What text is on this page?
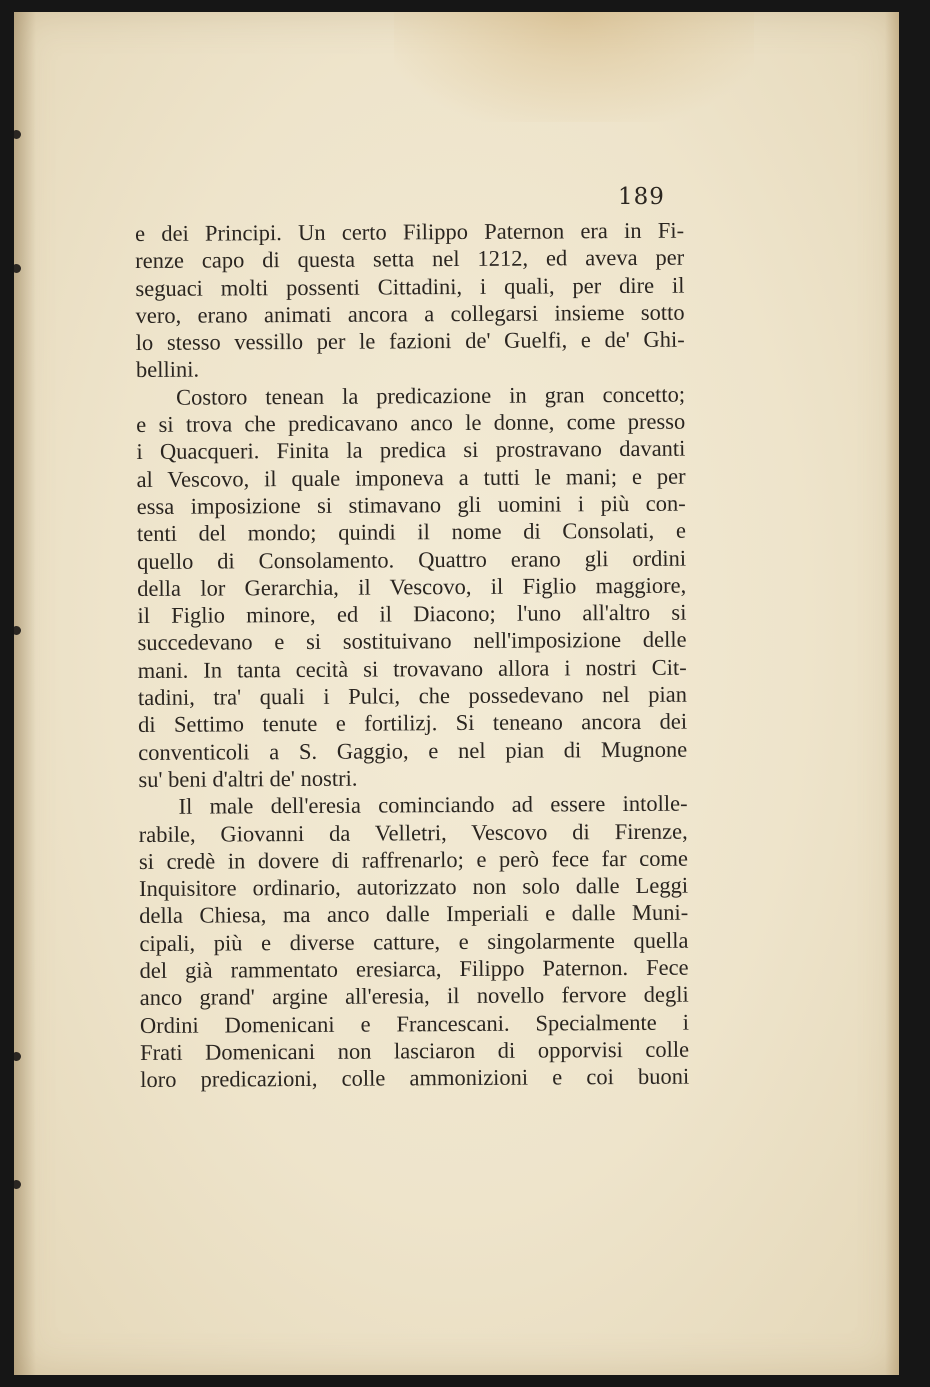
189
e dei Principi. Un certo Filippo Paternon era in Fi-
renze capo di questa setta nel 1212, ed aveva per
seguaci molti possenti Cittadini, i quali, per dire il
vero, erano animati ancora a collegarsi insieme sotto
lo stesso vessillo per le fazioni de' Guelfi, e de' Ghi-
bellini.
Costoro tenean la predicazione in gran concetto;
e si trova che predicavano anco le donne, come presso
i Quacqueri. Finita la predica si prostravano davanti
al Vescovo, il quale imponeva a tutti le mani; e per
essa imposizione si stimavano gli uomini i più con-
tenti del mondo; quindi il nome di Consolati, e
quello di Consolamento. Quattro erano gli ordini
della lor Gerarchia, il Vescovo, il Figlio maggiore,
il Figlio minore, ed il Diacono; l'uno all'altro si
succedevano e si sostituivano nell'imposizione delle
mani. In tanta cecità si trovavano allora i nostri Cit-
tadini, tra' quali i Pulci, che possedevano nel pian
di Settimo tenute e fortilizj. Si teneano ancora dei
conventicoli a S. Gaggio, e nel pian di Mugnone
su' beni d'altri de' nostri.
Il male dell'eresia cominciando ad essere intolle-
rabile, Giovanni da Velletri, Vescovo di Firenze,
si credè in dovere di raffrenarlo; e però fece far come
Inquisitore ordinario, autorizzato non solo dalle Leggi
della Chiesa, ma anco dalle Imperiali e dalle Muni-
cipali, più e diverse catture, e singolarmente quella
del già rammentato eresiarca, Filippo Paternon. Fece
anco grand' argine all'eresia, il novello fervore degli
Ordini Domenicani e Francescani. Specialmente i
Frati Domenicani non lasciaron di opporvisi colle
loro predicazioni, colle ammonizioni e coi buoni
